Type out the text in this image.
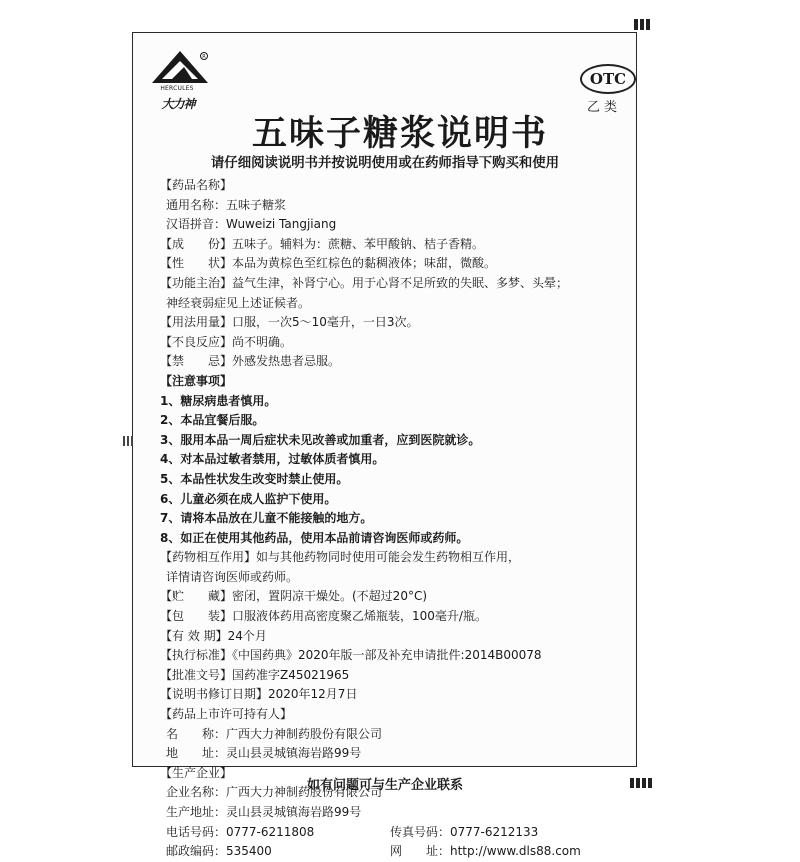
R
HERCULES
大力神
OTC
乙类
五味子糖浆说明书
请仔细阅读说明书并按说明使用或在药师指导下购买和使用
【药品名称】
通用名称：五味子糖浆
汉语拼音：Wuweizi Tangjiang
【成　　份】五味子。辅料为：蔗糖、苯甲酸钠、桔子香精。
【性　　状】本品为黄棕色至红棕色的黏稠液体；味甜，微酸。
【功能主治】益气生津，补肾宁心。用于心肾不足所致的失眠、多梦、头晕；
神经衰弱症见上述证候者。
【用法用量】口服，一次5～10毫升，一日3次。
【不良反应】尚不明确。
【禁　　忌】外感发热患者忌服。
【注意事项】
1、糖尿病患者慎用。
2、本品宜餐后服。
3、服用本品一周后症状未见改善或加重者，应到医院就诊。
4、对本品过敏者禁用，过敏体质者慎用。
5、本品性状发生改变时禁止使用。
6、儿童必须在成人监护下使用。
7、请将本品放在儿童不能接触的地方。
8、如正在使用其他药品，使用本品前请咨询医师或药师。
【药物相互作用】如与其他药物同时使用可能会发生药物相互作用，
详情请咨询医师或药师。
【贮　　藏】密闭，置阴凉干燥处。(不超过20°C)
【包　　装】口服液体药用高密度聚乙烯瓶装，100毫升/瓶。
【有 效 期】24个月
【执行标准】《中国药典》2020年版一部及补充申请批件:2014B00078
【批准文号】国药准字Z45021965
【说明书修订日期】2020年12月7日
【药品上市许可持有人】
名　　称：广西大力神制药股份有限公司
地　　址：灵山县灵城镇海岩路99号
【生产企业】
企业名称：广西大力神制药股份有限公司
生产地址：灵山县灵城镇海岩路99号
电话号码：0777-6211808	传真号码：0777-6212133
邮政编码：535400	网　　址：http://www.dls88.com
如有问题可与生产企业联系
